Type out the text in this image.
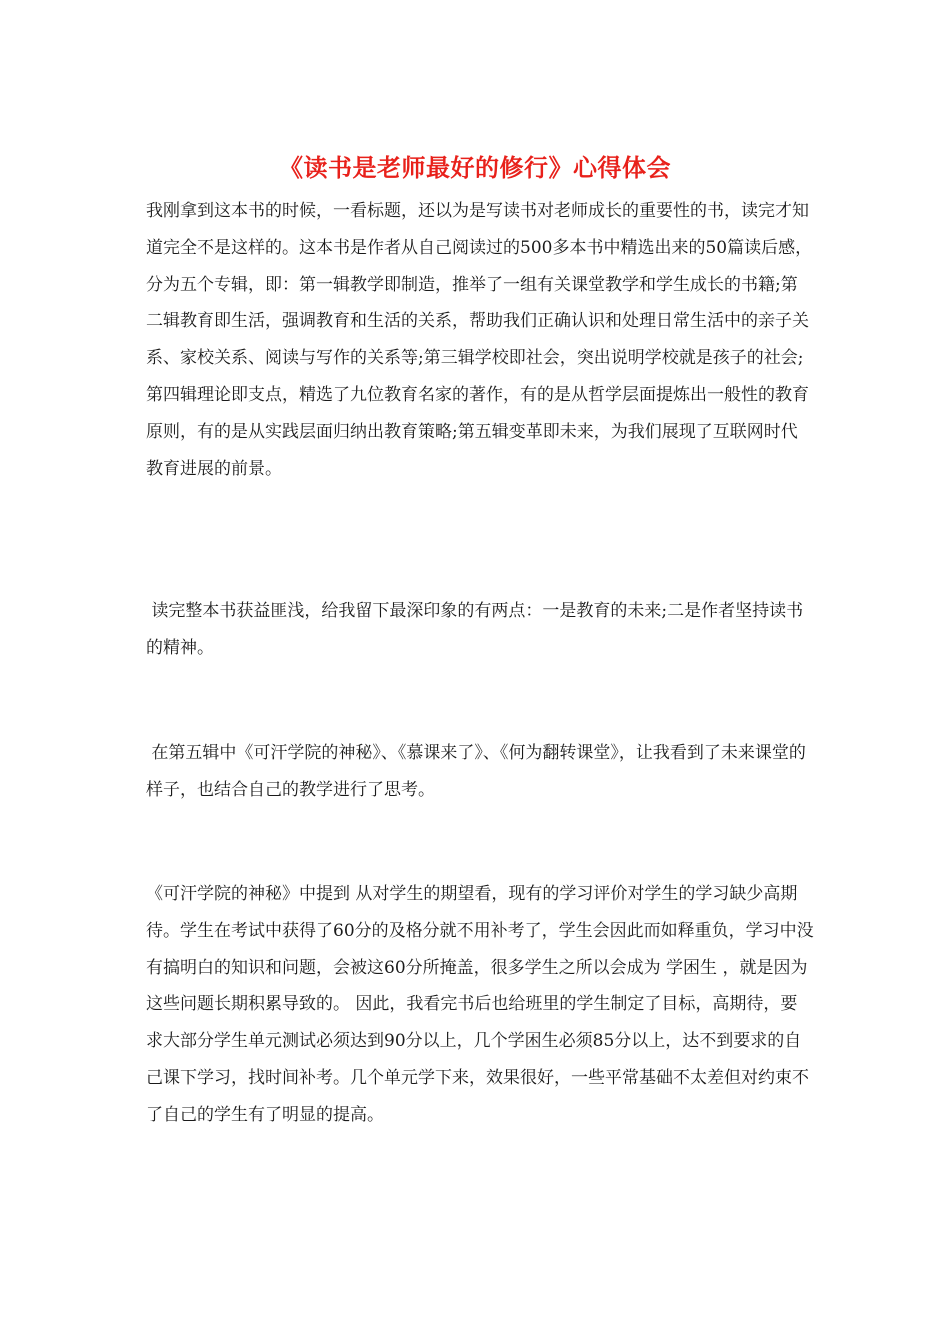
《读书是老师最好的修行》心得体会

我刚拿到这本书的时候，一看标题，还以为是写读书对老师成长的重要性的书，读完才知道完全不是这样的。这本书是作者从自己阅读过的500多本书中精选出来的50篇读后感，分为五个专辑，即：第一辑教学即制造，推举了一组有关课堂教学和学生成长的书籍;第二辑教育即生活，强调教育和生活的关系，帮助我们正确认识和处理日常生活中的亲子关系、家校关系、阅读与写作的关系等;第三辑学校即社会，突出说明学校就是孩子的社会;第四辑理论即支点，精选了九位教育名家的著作，有的是从哲学层面提炼出一般性的教育原则，有的是从实践层面归纳出教育策略;第五辑变革即未来，为我们展现了互联网时代教育进展的前景。

读完整本书获益匪浅，给我留下最深印象的有两点：一是教育的未来;二是作者坚持读书的精神。

在第五辑中《可汗学院的神秘》、《慕课来了》、《何为翻转课堂》，让我看到了未来课堂的样子，也结合自己的教学进行了思考。

《可汗学院的神秘》中提到 从对学生的期望看，现有的学习评价对学生的学习缺少高期待。学生在考试中获得了60分的及格分就不用补考了，学生会因此而如释重负，学习中没有搞明白的知识和问题，会被这60分所掩盖，很多学生之所以会成为 学困生 ，就是因为这些问题长期积累导致的。 因此，我看完书后也给班里的学生制定了目标，高期待，要求大部分学生单元测试必须达到90分以上，几个学困生必须85分以上，达不到要求的自己课下学习，找时间补考。几个单元学下来，效果很好，一些平常基础不太差但对约束不了自己的学生有了明显的提高。
